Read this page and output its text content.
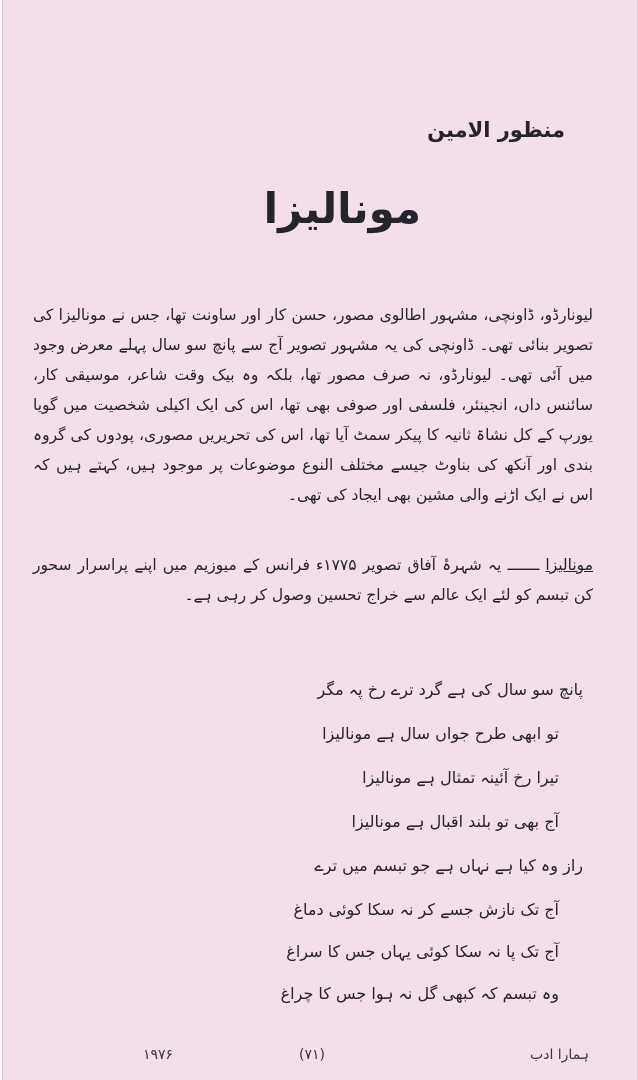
منظور الامین

مونالیزا

لیونارڈو، ڈاونچی، مشہور اطالوی مصور، حسن کار اور ساونت تھا، جس نے مونالیزا کی تصویر بنائی تھی۔ ڈاونچی کی یہ مشہور تصویر آج سے پانچ سو سال پہلے معرض وجود میں آئی تھی۔ لیونارڈو، نہ صرف مصور تھا، بلکہ وہ بیک وقت شاعر، موسیقی کار، سائنس داں، انجینئر، فلسفی اور صوفی بھی تھا، اس کی ایک اکیلی شخصیت میں گویا یورپ کے کل نشاۃ ثانیہ کا پیکر سمٹ آیا تھا، اس کی تحریریں مصوری، پودوں کی گروہ بندی اور آنکھ کی بناوٹ جیسے مختلف النوع موضوعات پر موجود ہیں، کہتے ہیں کہ اس نے ایک اڑنے والی مشین بھی ایجاد کی تھی۔

مونالیزا ـــــــ یہ شہرۂ آفاق تصویر ۱۷۷۵ء فرانس کے میوزیم میں اپنے پراسرار سحور کن تبسم کو لئے ایک عالم سے خراج تحسین وصول کر رہی ہے۔

پانچ سو سال کی ہے گرد ترے رخ پہ مگر
تو ابھی طرح جواں سال ہے مونالیزا
تیرا رخ آئینہ تمثال ہے مونالیزا
آج بھی تو بلند اقبال ہے مونالیزا
راز وہ کیا ہے نہاں ہے جو تبسم میں ترے
آج تک نازش جسے کر نہ سکا کوئی دماغ
آج تک پا نہ سکا کوئی یہاں جس کا سراغ
وہ تبسم کہ کبھی گل نہ ہوا جس کا چراغ
ہمارا ادب
(۷۱)
۱۹۷۶
